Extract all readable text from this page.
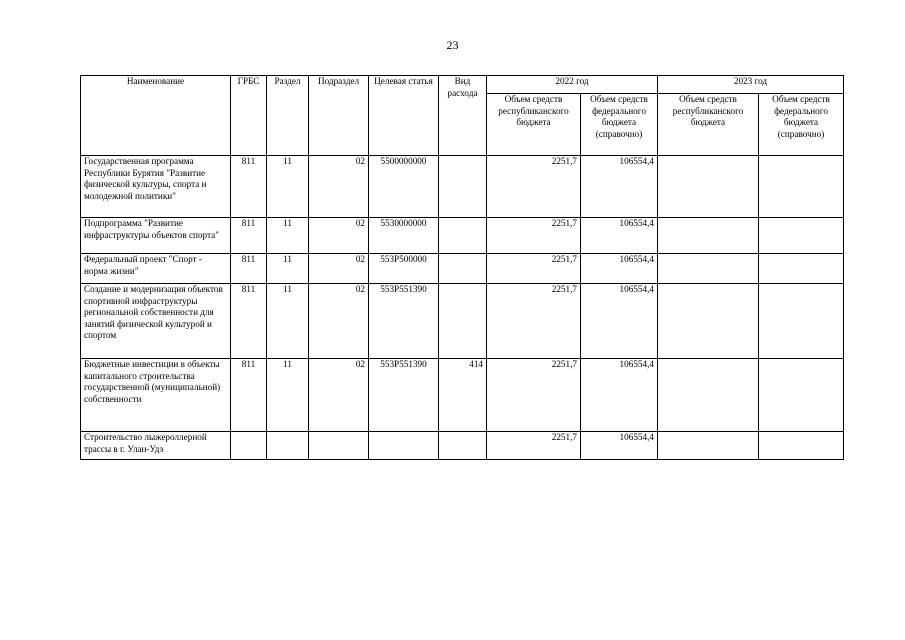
23
Наименование	ГРБС	Раздел	Подраздел	Целевая статья	Вид расхода	2022 год		2023 год	
						Объем средств республиканского бюджета	Объем средств федерального бюджета (справочно)	Объем средств республиканского бюджета	Объем средств федерального бюджета (справочно)
Государственная программа Республики Бурятия "Развитие физической культуры, спорта и молодежной политики"	811	11	02	5500000000		2251,7	106554,4		
Подпрограмма "Развитие инфраструктуры объектов спорта"	811	11	02	5530000000		2251,7	106554,4		
Федеральный проект "Спорт - норма жизни"	811	11	02	553Р500000		2251,7	106554,4		
Создание и модернизация объектов спортивной инфраструктуры региональной собственности для занятий физической культурой и спортом	811	11	02	553Р551390		2251,7	106554,4		
Бюджетные инвестиции в объекты капитального строительства государственной (муниципальной) собственности	811	11	02	553Р551390	414	2251,7	106554,4		
Строительство лыжероллерной трассы в г. Улан-Удэ						2251,7	106554,4		
